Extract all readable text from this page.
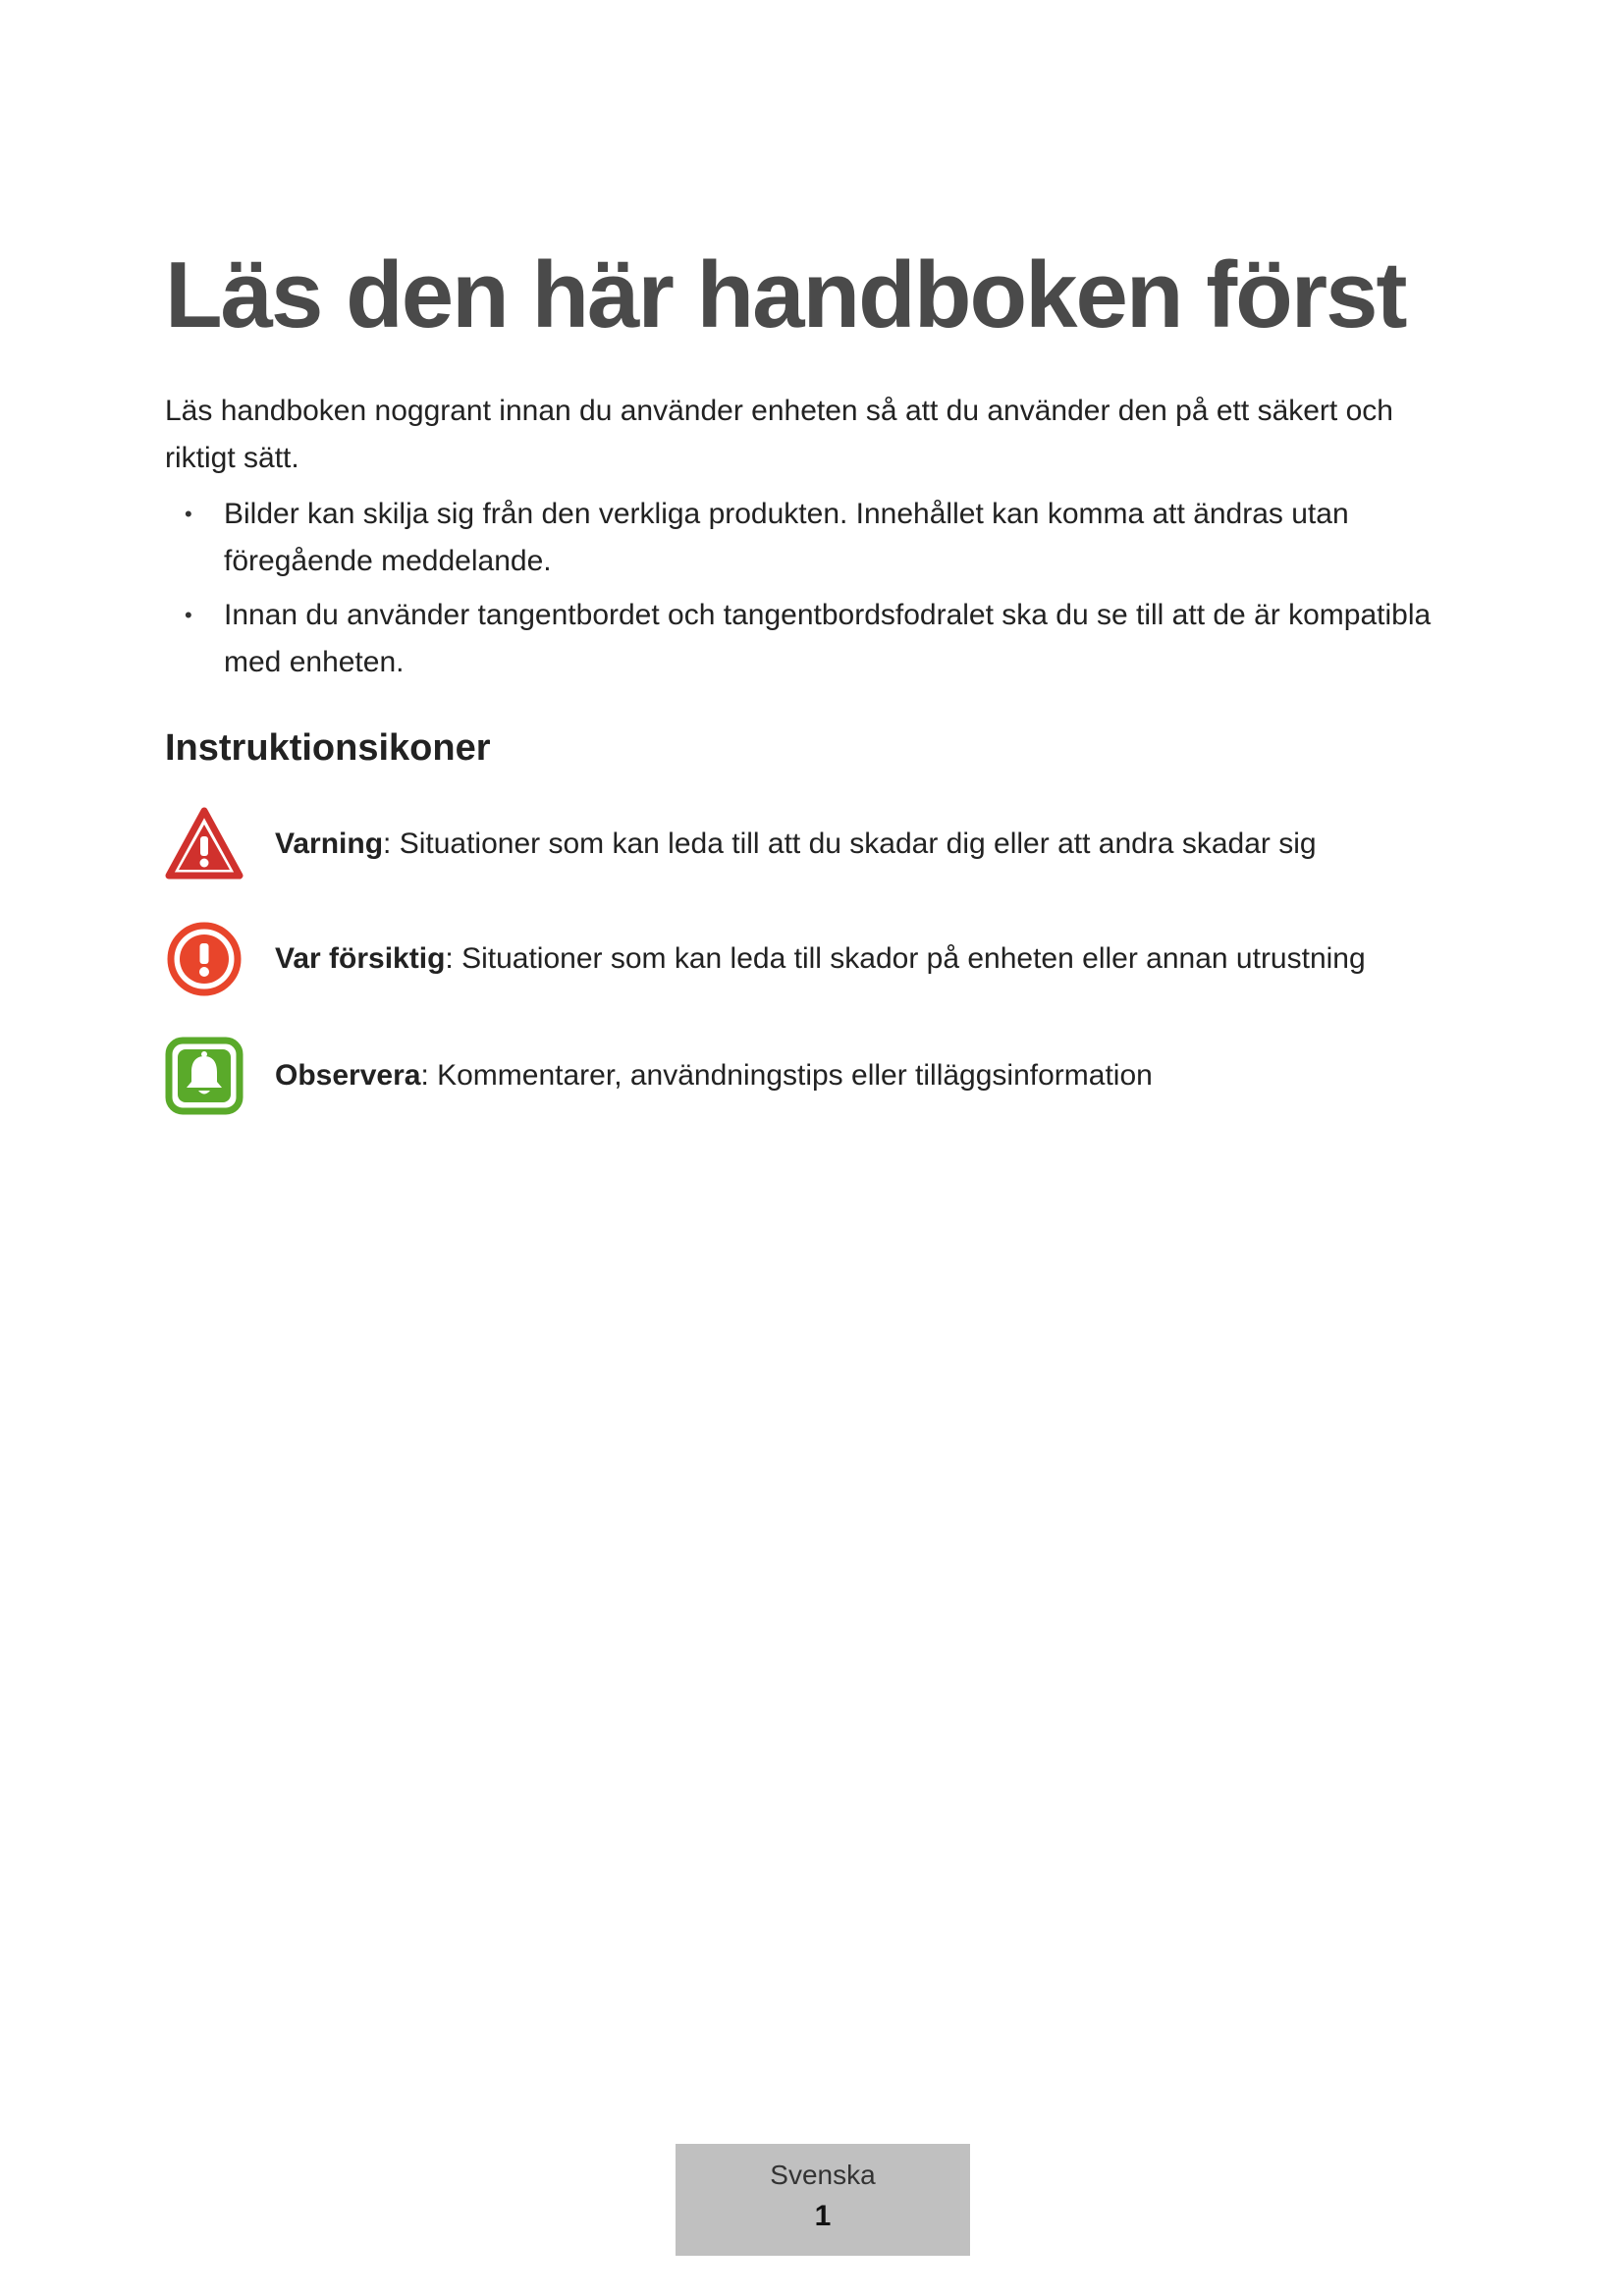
Läs den här handboken först

Läs handboken noggrant innan du använder enheten så att du använder den på ett säkert och riktigt sätt.

• Bilder kan skilja sig från den verkliga produkten. Innehållet kan komma att ändras utan föregående meddelande.
• Innan du använder tangentbordet och tangentbordsfodralet ska du se till att de är kompatibla med enheten.
Instruktionsikoner
Varning: Situationer som kan leda till att du skadar dig eller att andra skadar sig
Var försiktig: Situationer som kan leda till skador på enheten eller annan utrustning
Observera: Kommentarer, användningstips eller tilläggsinformation
Svenska
1
